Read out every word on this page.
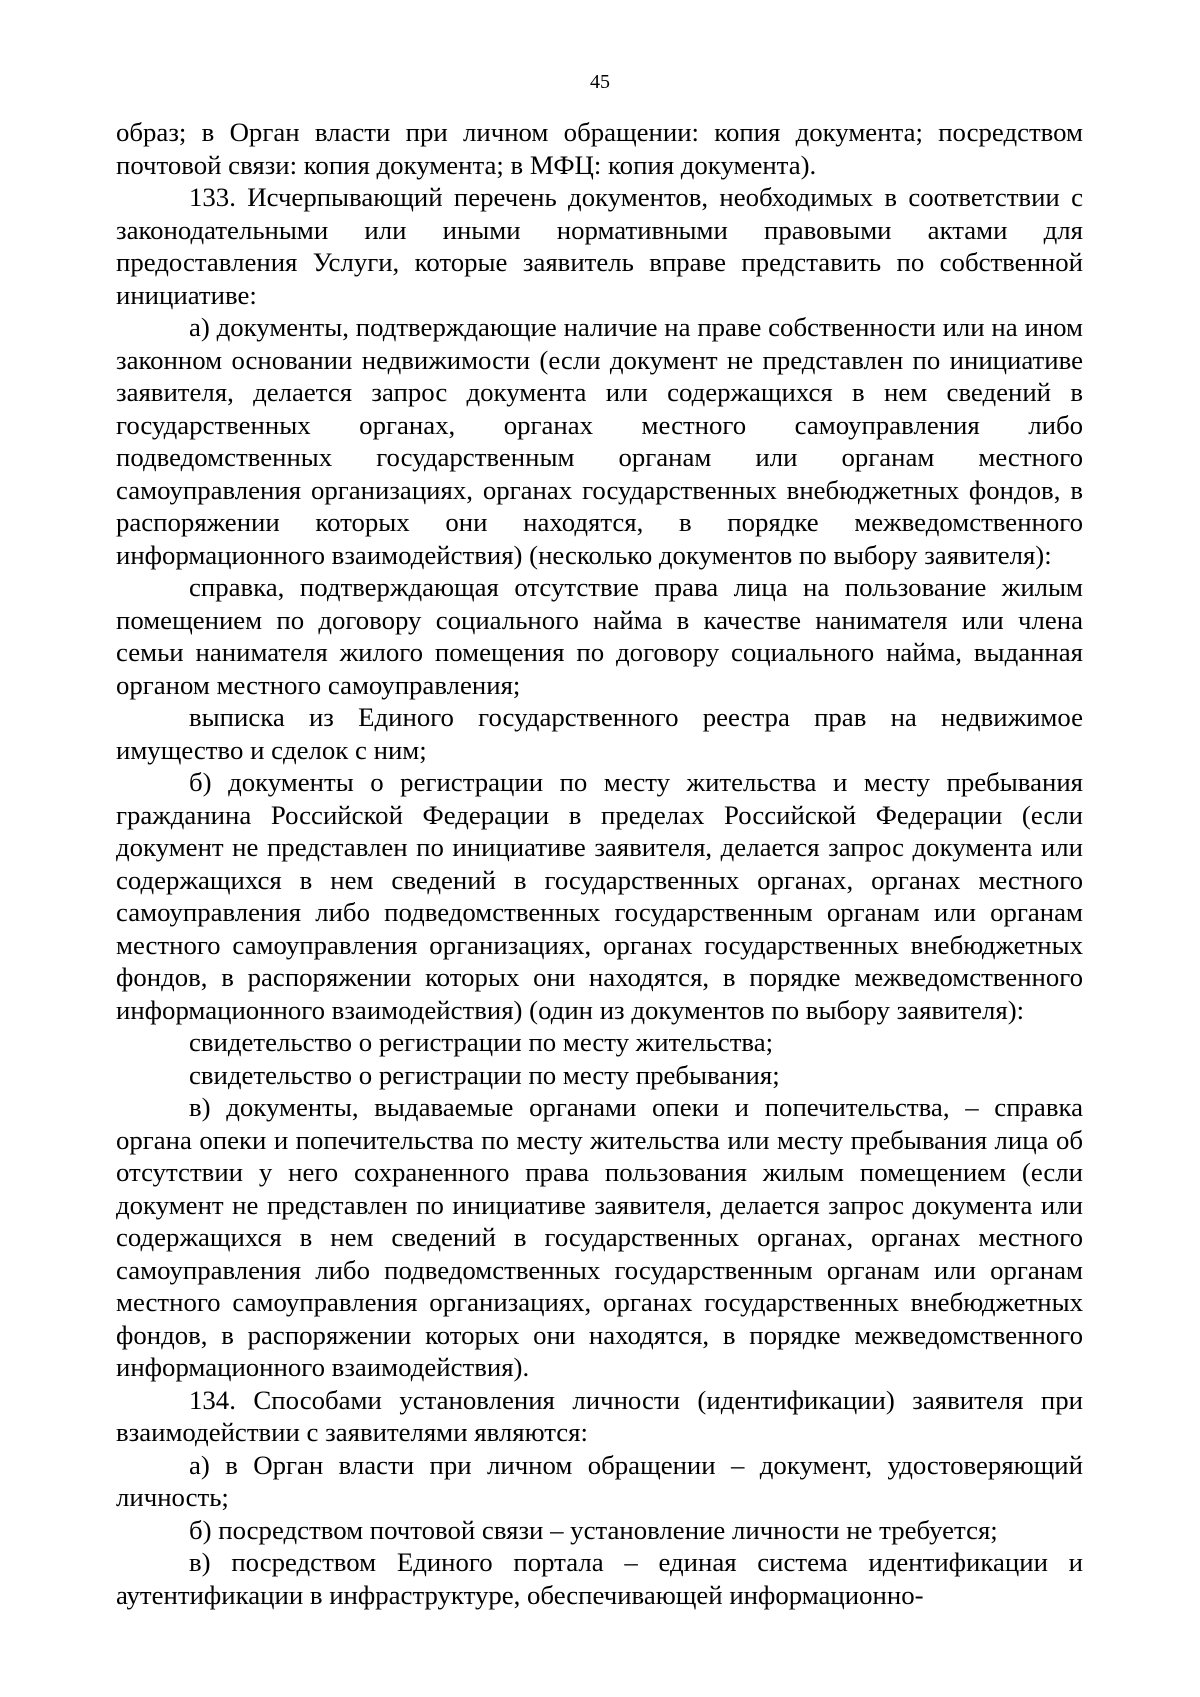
45

образ; в Орган власти при личном обращении: копия документа; посредством почтовой связи: копия документа; в МФЦ: копия документа).

133. Исчерпывающий перечень документов, необходимых в соответствии с законодательными или иными нормативными правовыми актами для предоставления Услуги, которые заявитель вправе представить по собственной инициативе:

а) документы, подтверждающие наличие на праве собственности или на ином законном основании недвижимости (если документ не представлен по инициативе заявителя, делается запрос документа или содержащихся в нем сведений в государственных органах, органах местного самоуправления либо подведомственных государственным органам или органам местного самоуправления организациях, органах государственных внебюджетных фондов, в распоряжении которых они находятся, в порядке межведомственного информационного взаимодействия) (несколько документов по выбору заявителя):

справка, подтверждающая отсутствие права лица на пользование жилым помещением по договору социального найма в качестве нанимателя или члена семьи нанимателя жилого помещения по договору социального найма, выданная органом местного самоуправления;

выписка из Единого государственного реестра прав на недвижимое имущество и сделок с ним;

б) документы о регистрации по месту жительства и месту пребывания гражданина Российской Федерации в пределах Российской Федерации (если документ не представлен по инициативе заявителя, делается запрос документа или содержащихся в нем сведений в государственных органах, органах местного самоуправления либо подведомственных государственным органам или органам местного самоуправления организациях, органах государственных внебюджетных фондов, в распоряжении которых они находятся, в порядке межведомственного информационного взаимодействия) (один из документов по выбору заявителя):

свидетельство о регистрации по месту жительства;

свидетельство о регистрации по месту пребывания;

в) документы, выдаваемые органами опеки и попечительства, – справка органа опеки и попечительства по месту жительства или месту пребывания лица об отсутствии у него сохраненного права пользования жилым помещением (если документ не представлен по инициативе заявителя, делается запрос документа или содержащихся в нем сведений в государственных органах, органах местного самоуправления либо подведомственных государственным органам или органам местного самоуправления организациях, органах государственных внебюджетных фондов, в распоряжении которых они находятся, в порядке межведомственного информационного взаимодействия).

134. Способами установления личности (идентификации) заявителя при взаимодействии с заявителями являются:

а) в Орган власти при личном обращении – документ, удостоверяющий личность;

б) посредством почтовой связи – установление личности не требуется;

в) посредством Единого портала – единая система идентификации и аутентификации в инфраструктуре, обеспечивающей информационно-
